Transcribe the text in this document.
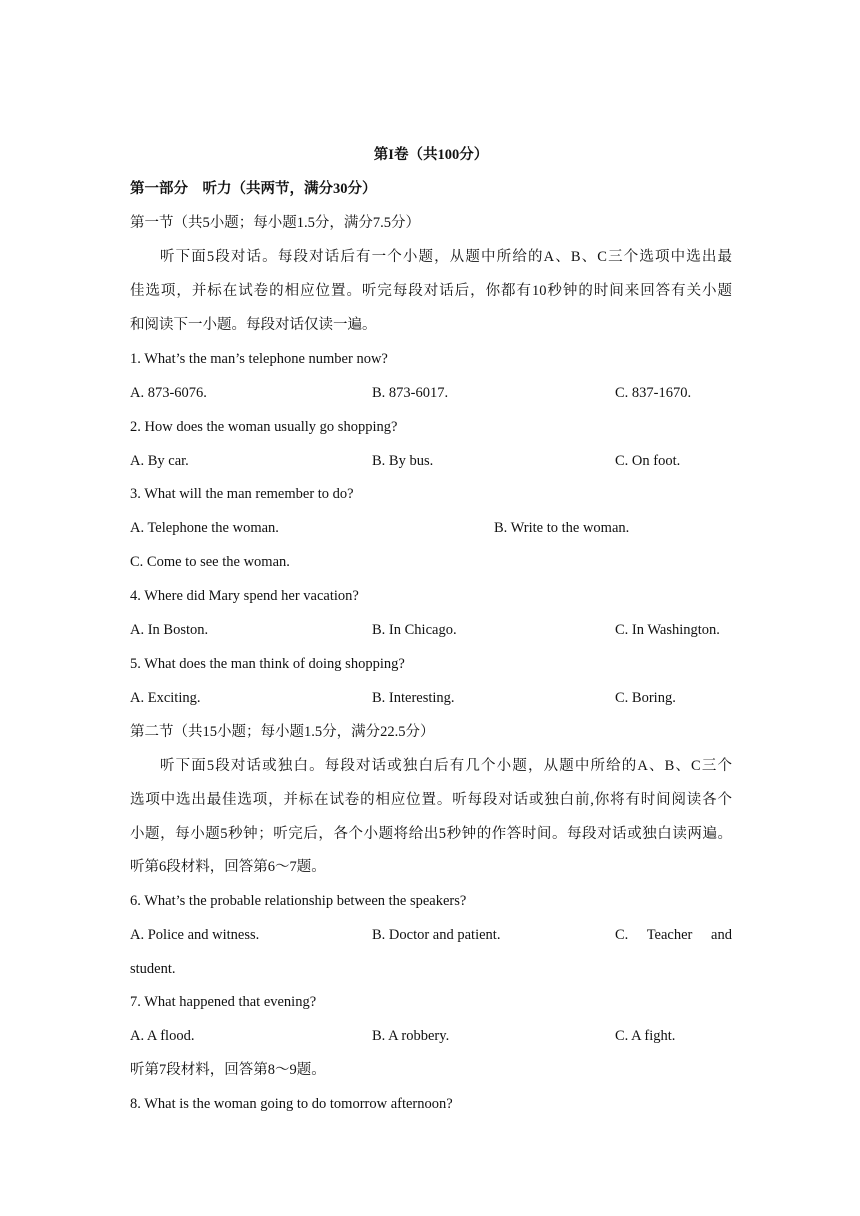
第I卷（共100分）
第一部分　听力（共两节，满分30分）
第一节（共5小题；每小题1.5分，满分7.5分）
听下面5段对话。每段对话后有一个小题，从题中所给的A、B、C三个选项中选出最
佳选项，并标在试卷的相应位置。听完每段对话后，你都有10秒钟的时间来回答有关小题
和阅读下一小题。每段对话仅读一遍。
1. What’s the man’s telephone number now?
A. 873-6076.	B. 873-6017.	C. 837-1670.
2. How does the woman usually go shopping?
A. By car.	B. By bus.	C. On foot.
3. What will the man remember to do?
A. Telephone the woman.	B. Write to the woman.
C. Come to see the woman.
4. Where did Mary spend her vacation?
A. In Boston.	B. In Chicago.	C. In Washington.
5. What does the man think of doing shopping?
A. Exciting.	B. Interesting.	C. Boring.
第二节（共15小题；每小题1.5分，满分22.5分）
听下面5段对话或独白。每段对话或独白后有几个小题，从题中所给的A、B、C三个
选项中选出最佳选项，并标在试卷的相应位置。听每段对话或独白前,你将有时间阅读各个
小题，每小题5秒钟；听完后，各个小题将给出5秒钟的作答时间。每段对话或独白读两遍。
听第6段材料，回答第6～7题。
6. What’s the probable relationship between the speakers?
A. Police and witness.	B. Doctor and patient.	C. Teacher and
student.
7. What happened that evening?
A. A flood.	B. A robbery.	C. A fight.
听第7段材料，回答第8～9题。
8. What is the woman going to do tomorrow afternoon?
